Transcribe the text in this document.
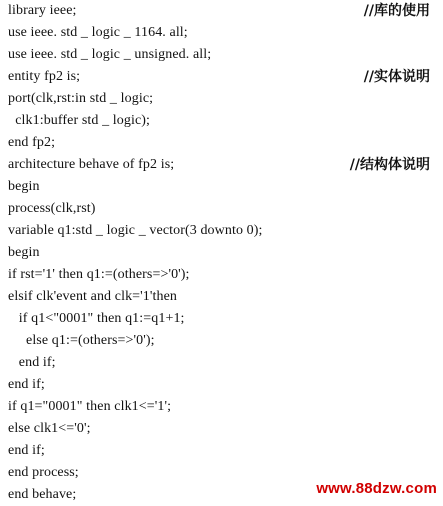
library ieee;
use ieee. std _ logic _ 1164. all;
use ieee. std _ logic _ unsigned. all;
entity fp2 is;
port(clk,rst:in std _ logic;
clk1:buffer std _ logic);
end fp2;
architecture behave of fp2 is;
begin
process(clk,rst)
variable q1:std _ logic _ vector(3 downto 0);
begin
if rst='1' then q1:=(others=>'0');
elsif clk'event and clk='1'then
if q1<"0001" then q1:=q1+1;
else q1:=(others=>'0');
end if;
end if;
if q1="0001" then clk1<='1';
else clk1<='0';
end if;
end process;
end behave;
//库的使用
//实体说明
//结构体说明
www.88dzw.com
